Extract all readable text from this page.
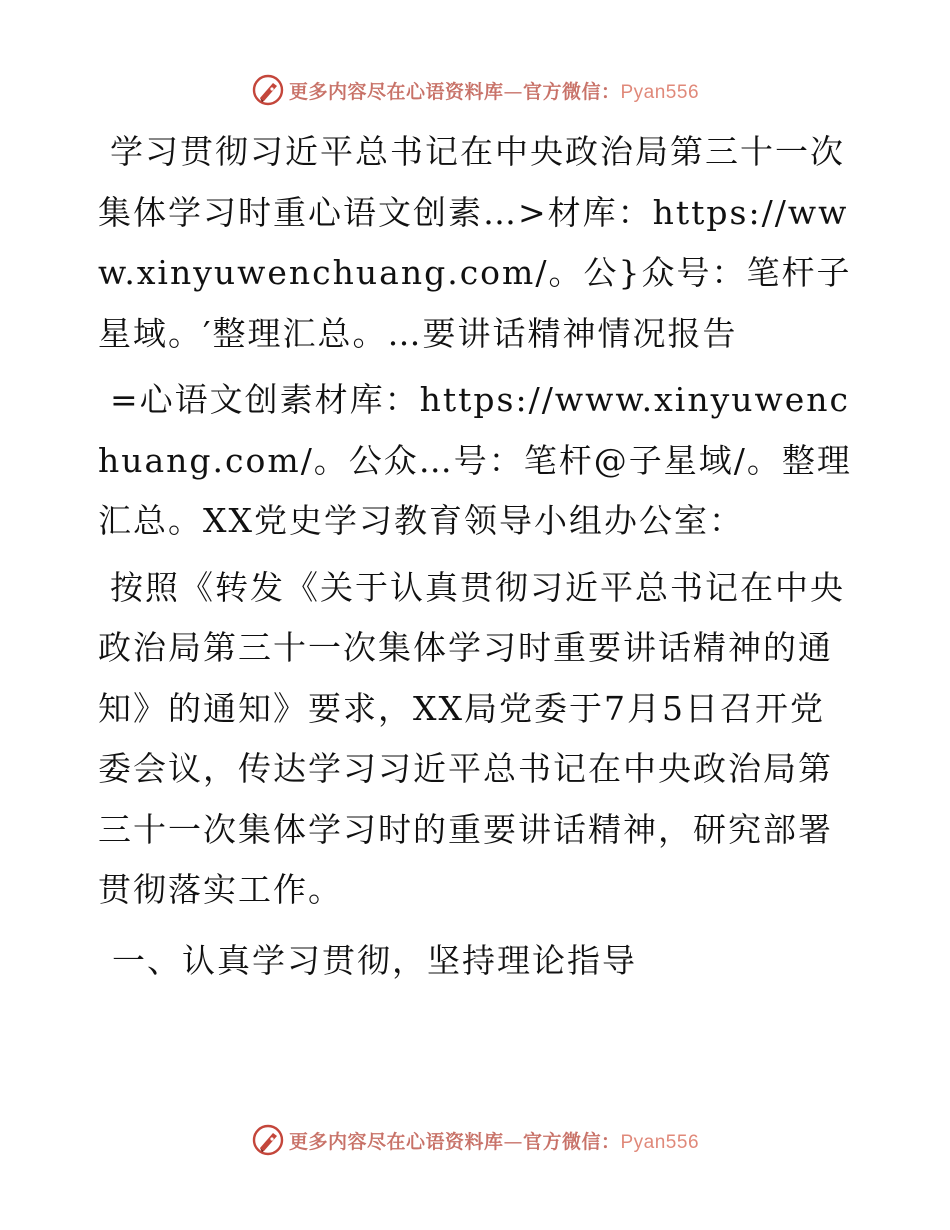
更多内容尽在心语资料库—官方微信：Pyan556

学习贯彻习近平总书记在中央政治局第三十一次集体学习时重心语文创素…>材库：https://www.xinyuwenchuang.com/。公}众号：笔杆子星域。′整理汇总。…要讲话精神情况报告

=心语文创素材库：https://www.xinyuwenchuang.com/。公众…号：笔杆@子星域/。整理汇总。XX党史学习教育领导小组办公室：

按照《转发《关于认真贯彻习近平总书记在中央政治局第三十一次集体学习时重要讲话精神的通知》的通知》要求，XX局党委于7月5日召开党委会议，传达学习习近平总书记在中央政治局第三十一次集体学习时的重要讲话精神，研究部署贯彻落实工作。

一、认真学习贯彻，坚持理论指导
更多内容尽在心语资料库—官方微信：Pyan556
